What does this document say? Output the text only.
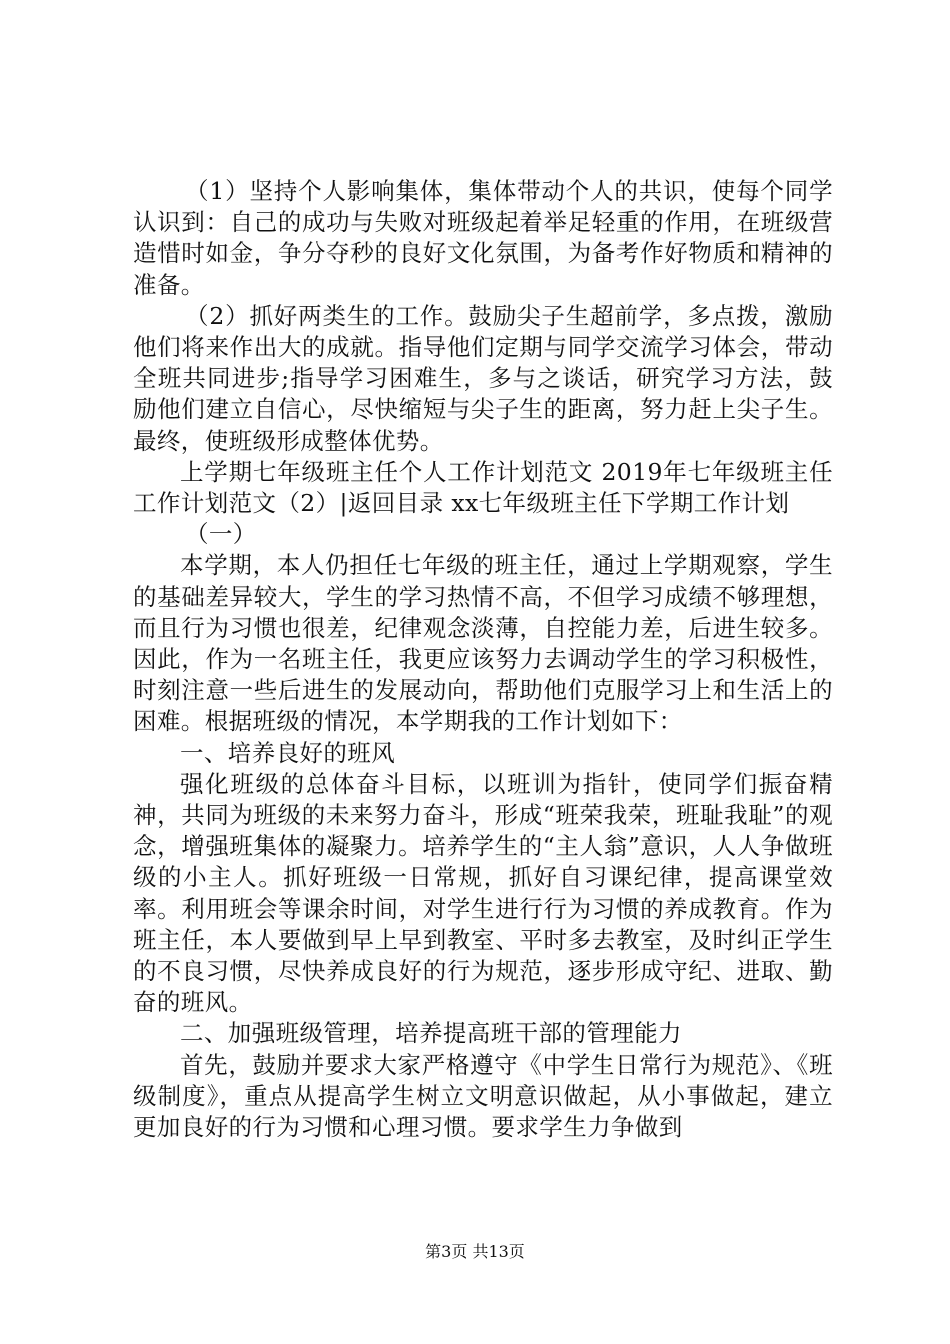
（1）坚持个人影响集体，集体带动个人的共识，使每个同学认识到：自己的成功与失败对班级起着举足轻重的作用，在班级营造惜时如金，争分夺秒的良好文化氛围，为备考作好物质和精神的准备。

（2）抓好两类生的工作。鼓励尖子生超前学，多点拨，激励他们将来作出大的成就。指导他们定期与同学交流学习体会，带动全班共同进步;指导学习困难生，多与之谈话，研究学习方法，鼓励他们建立自信心，尽快缩短与尖子生的距离，努力赶上尖子生。最终，使班级形成整体优势。

上学期七年级班主任个人工作计划范文 2019年七年级班主任工作计划范文（2）|返回目录 xx七年级班主任下学期工作计划

（一）

本学期，本人仍担任七年级的班主任，通过上学期观察，学生的基础差异较大，学生的学习热情不高，不但学习成绩不够理想，而且行为习惯也很差，纪律观念淡薄，自控能力差，后进生较多。因此，作为一名班主任，我更应该努力去调动学生的学习积极性，时刻注意一些后进生的发展动向，帮助他们克服学习上和生活上的困难。根据班级的情况，本学期我的工作计划如下：

一、培养良好的班风

强化班级的总体奋斗目标，以班训为指针，使同学们振奋精神，共同为班级的未来努力奋斗，形成“班荣我荣，班耻我耻”的观念，增强班集体的凝聚力。培养学生的“主人翁”意识，人人争做班级的小主人。抓好班级一日常规，抓好自习课纪律，提高课堂效率。利用班会等课余时间，对学生进行行为习惯的养成教育。作为班主任，本人要做到早上早到教室、平时多去教室，及时纠正学生的不良习惯，尽快养成良好的行为规范，逐步形成守纪、进取、勤奋的班风。

二、加强班级管理，培养提高班干部的管理能力

首先，鼓励并要求大家严格遵守《中学生日常行为规范》、《班级制度》，重点从提高学生树立文明意识做起，从小事做起，建立更加良好的行为习惯和心理习惯。要求学生力争做到

第3页 共13页
